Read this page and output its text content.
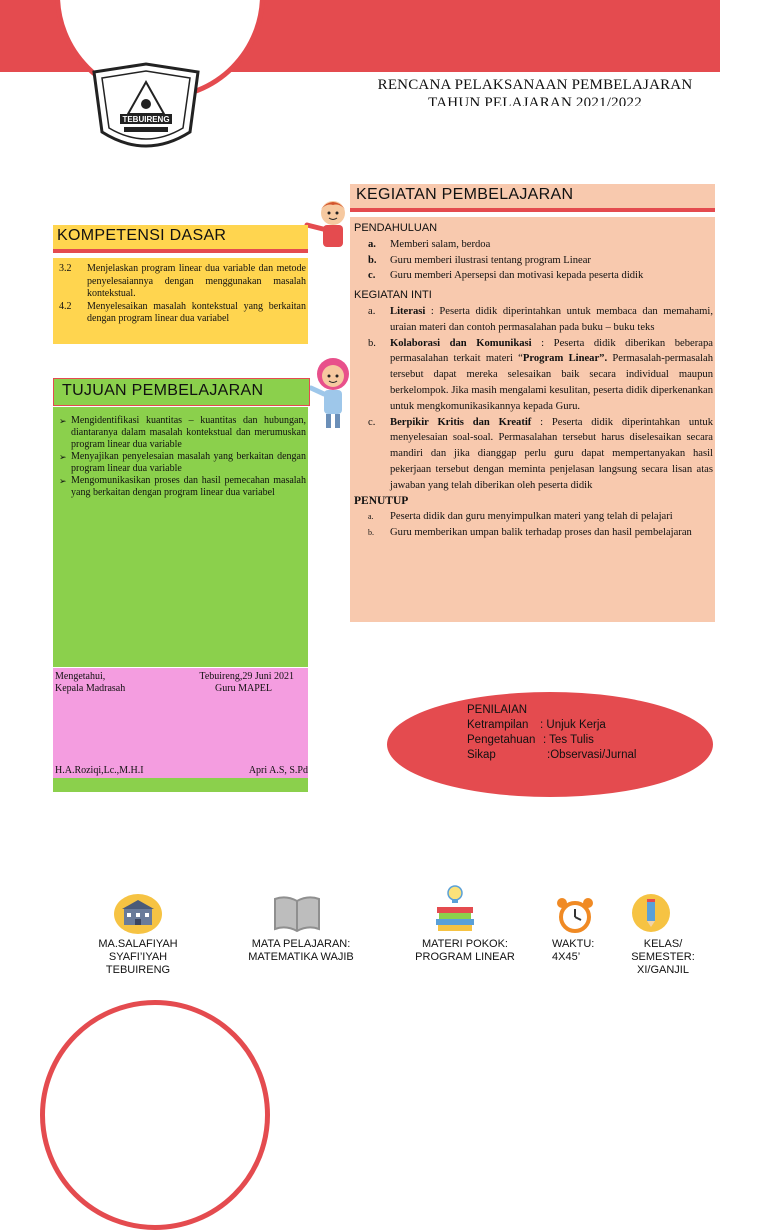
TEBUIRENG
RENCANA PELAKSANAAN PEMBELAJARAN
TAHUN PELAJARAN 2021/2022
KOMPETENSI DASAR
3.2	Menjelaskan program linear dua variable dan metode penyelesaiannya dengan menggunakan masalah kontekstual.
4.2	Menyelesaikan masalah kontekstual yang berkaitan dengan program linear dua variabel
TUJUAN PEMBELAJARAN
➢ Mengidentifikasi kuantitas – kuantitas dan hubungan, diantaranya dalam masalah kontekstual dan merumuskan program linear dua variable
➢ Menyajikan penyelesaian masalah yang berkaitan dengan program linear dua variable
➢ Mengomunikasikan proses dan hasil pemecahan masalah yang berkaitan dengan program linear dua variabel
Mengetahui,	Tebuireng,29 Juni 2021
Kepala Madrasah	Guru MAPEL
H.A.Roziqi,Lc.,M.H.I	Apri A.S, S.Pd
KEGIATAN PEMBELAJARAN
PENDAHULUAN
a.	Memberi salam, berdoa
b.	Guru memberi ilustrasi tentang program Linear
c.	Guru memberi Apersepsi dan motivasi kepada peserta didik
KEGIATAN INTI
a.	Literasi : Peserta didik diperintahkan untuk membaca dan memahami, uraian materi dan contoh permasalahan pada buku – buku teks
b.	Kolaborasi dan Komunikasi : Peserta didik diberikan beberapa permasalahan terkait materi “Program Linear”. Permasalah-permasalah tersebut dapat mereka selesaikan baik secara individual maupun berkelompok. Jika masih mengalami kesulitan, peserta didik diperkenankan untuk mengkomunikasikannya kepada Guru.
c.	Berpikir Kritis dan Kreatif : Peserta didik diperintahkan untuk menyelesaian soal-soal. Permasalahan tersebut harus diselesaikan secara mandiri dan jika dianggap perlu guru dapat mempertanyakan hasil pekerjaan tersebut dengan meminta penjelasan langsung secara lisan atas jawaban yang telah diberikan oleh peserta didik
PENUTUP
a.	Peserta didik dan guru menyimpulkan materi yang telah di pelajari
b.	Guru memberikan umpan balik terhadap proses dan hasil pembelajaran
PENILAIAN
Ketrampilan	: Unjuk Kerja
Pengetahuan : Tes Tulis
Sikap	:Observasi/Jurnal
MA.SALAFIYAH
SYAFI’IYAH
TEBUIRENG
MATA PELAJARAN:
MATEMATIKA WAJIB
MATERI POKOK:
PROGRAM LINEAR
WAKTU:
4X45’
KELAS/
SEMESTER:
XI/GANJIL
